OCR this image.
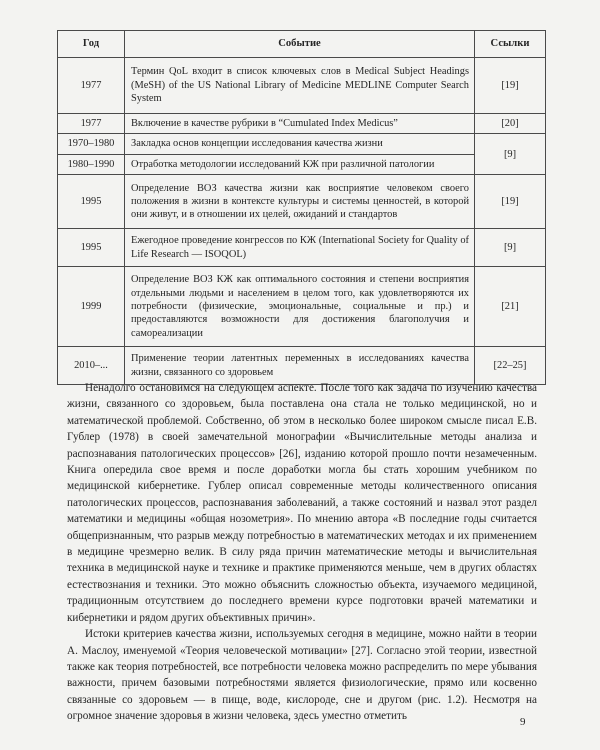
Год	Событие	Ссылки
1977	Термин QoL входит в список ключевых слов в Medical Subject Headings (MeSH) of the US National Library of Medicine MEDLINE Computer Search System	[19]
1977	Включение в качестве рубрики в “Cumulated Index Medicus”	[20]
1970–1980	Закладка основ концепции исследования качества жизни	[9]
1980–1990	Отработка методологии исследований КЖ при различной патологии	
1995	Определение ВОЗ качества жизни как восприятие человеком своего положения в жизни в контексте культуры и системы ценностей, в которой они живут, и в отношении их целей, ожиданий и стандартов	[19]
1995	Ежегодное проведение конгрессов по КЖ (International Society for Quality of Life Research — ISOQOL)	[9]
1999	Определение ВОЗ КЖ как оптимального состояния и степени восприятия отдельными людьми и населением в целом того, как удовлетворяются их потребности (физические, эмоциональные, социальные и пр.) и предоставляются возможности для достижения благополучия и самореализации	[21]
2010–...	Применение теории латентных переменных в исследованиях качества жизни, связанного со здоровьем	[22–25]

Ненадолго остановимся на следующем аспекте. После того как задача по изучению качества жизни, связанного со здоровьем, была поставлена она стала не только медицинской, но и математической проблемой. Собственно, об этом в несколько более широком смысле писал Е.В. Гублер (1978) в своей замечательной монографии «Вычислительные методы анализа и распознавания патологических процессов» [26], изданию которой прошло почти незамеченным. Книга опередила свое время и после доработки могла бы стать хорошим учебником по медицинской кибернетике. Гублер описал современные методы количественного описания патологических процессов, распознавания заболеваний, а также состояний и назвал этот раздел математики и медицины «общая нозометрия». По мнению автора «В последние годы считается общепризнанным, что разрыв между потребностью в математических методах и их применением в медицине чрезмерно велик. В силу ряда причин математические методы и вычислительная техника в медицинской науке и технике и практике применяются меньше, чем в других областях естествознания и техники. Это можно объяснить сложностью объекта, изучаемого медициной, традиционным отсутствием до последнего времени курсе подготовки врачей математики и кибернетики и рядом других объективных причин».

Истоки критериев качества жизни, используемых сегодня в медицине, можно найти в теории А. Маслоу, именуемой «Теория человеческой мотивации» [27]. Согласно этой теории, известной также как теория потребностей, все потребности человека можно распределить по мере убывания важности, причем базовыми потребностями является физиологические, прямо или косвенно связанные со здоровьем — в пище, воде, кислороде, сне и другом (рис. 1.2). Несмотря на огромное значение здоровья в жизни человека, здесь уместно отметить	9
